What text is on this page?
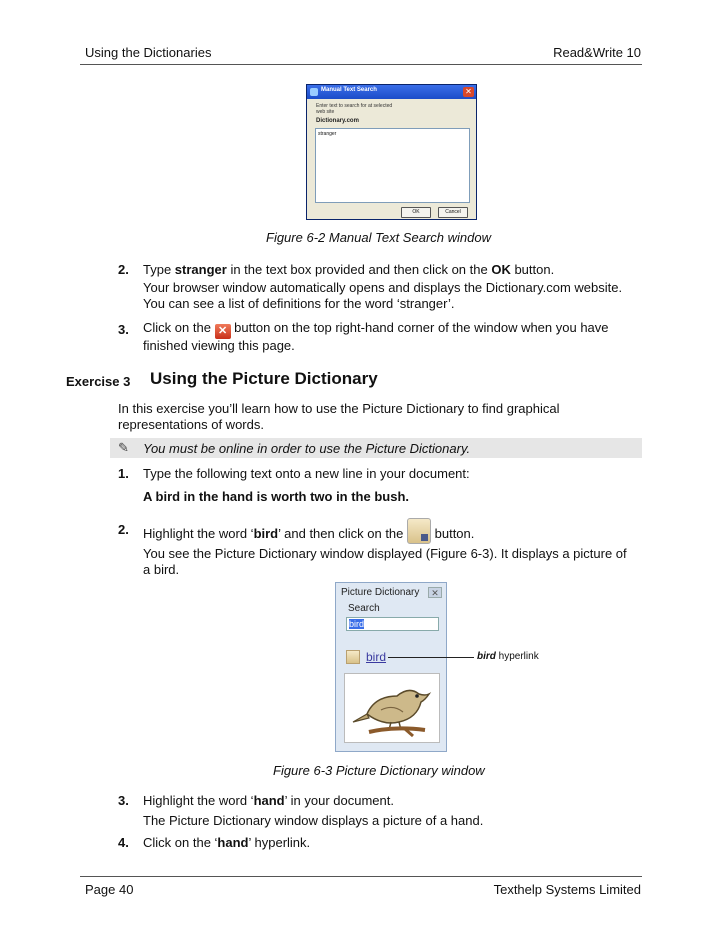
Using the Dictionaries	Read&Write 10
Manual Text Search	✕
Enter text to search for at selected web site
Dictionary.com
stranger
OK	Cancel
Figure 6-2 Manual Text Search window
2. Type stranger in the text box provided and then click on the OK button.
Your browser window automatically opens and displays the Dictionary.com website.
You can see a list of definitions for the word ‘stranger’.
3. Click on the ✕ button on the top right-hand corner of the window when you have
finished viewing this page.
Exercise 3 Using the Picture Dictionary
In this exercise you’ll learn how to use the Picture Dictionary to find graphical
representations of words.
✎ You must be online in order to use the Picture Dictionary.
1. Type the following text onto a new line in your document:
A bird in the hand is worth two in the bush.
2. Highlight the word ‘bird’ and then click on the
button.
You see the Picture Dictionary window displayed (Figure 6-3). It displays a picture of
a bird.
Picture Dictionary	✕
Search
bird
bird	bird hyperlink
Figure 6-3 Picture Dictionary window
3. Highlight the word ‘hand’ in your document.
The Picture Dictionary window displays a picture of a hand.
4. Click on the ‘hand’ hyperlink.
Page 40	Texthelp Systems Limited
